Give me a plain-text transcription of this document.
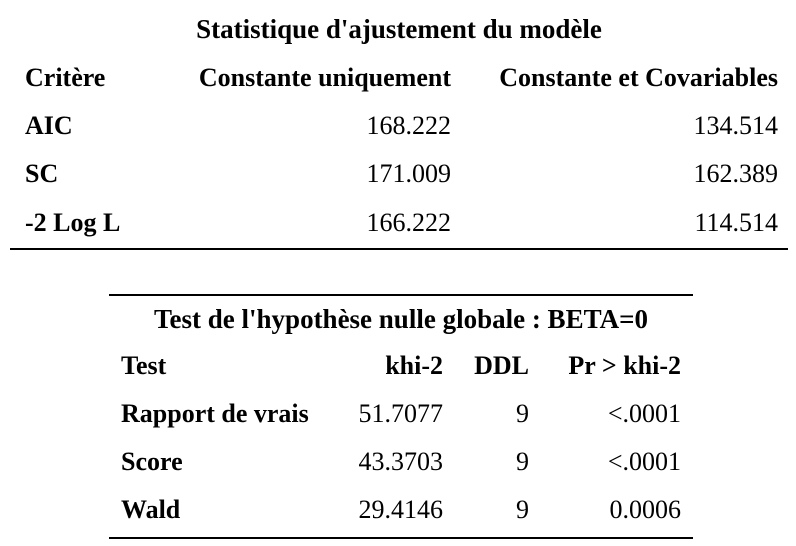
Statistique d'ajustement du modèle		
Critère	Constante uniquement	Constante et Covariables
AIC	168.222	134.514
SC	171.009	162.389
-2 Log L	166.222	114.514
Test de l'hypothèse nulle globale : BETA=0			
Test	khi-2	DDL	Pr > khi-2
Rapport de vrais	51.7077	9	<.0001
Score	43.3703	9	<.0001
Wald	29.4146	9	0.0006
